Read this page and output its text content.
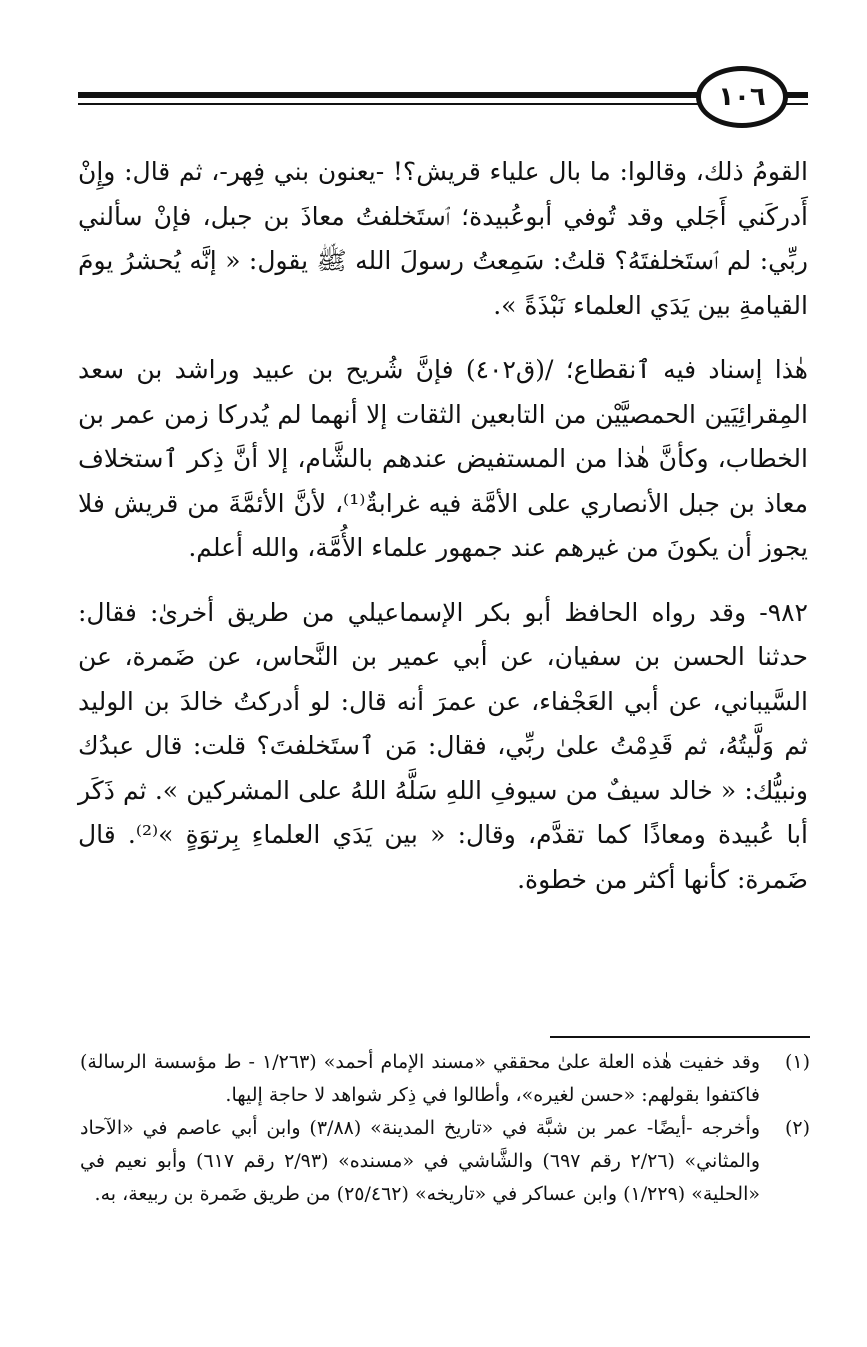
١٠٦

القومُ ذلك، وقالوا: ما بال علياء قريش؟! -يعنون بني فِهر-، ثم قال: وإِنْ أَدركَني أَجَلي وقد تُوفي أبوعُبيدة؛ ٱستَخلفتُ معاذَ بن جبل، فإنْ سألني ربِّي: لم ٱستَخلفتَهُ؟ قلتُ: سَمِعتُ رسولَ الله ﷺ يقول: « إنَّه يُحشرُ يومَ القيامةِ بين يَدَي العلماء نَبْذَةً ».

هٰذا إسناد فيه ٱنقطاع؛ /(ق٤٠٢) فإنَّ شُريح بن عبيد وراشد بن سعد المِقرائِيَين الحمصيَّيْن من التابعين الثقات إلا أنهما لم يُدركا زمن عمر بن الخطاب، وكأنَّ هٰذا من المستفيض عندهم بالشَّام، إلا أنَّ ذِكر ٱستخلاف معاذ بن جبل الأنصاري على الأمَّة فيه غرابةٌ⁽¹⁾، لأنَّ الأئمَّةَ من قريش فلا يجوز أن يكونَ من غيرهم عند جمهور علماء الأُمَّة، والله أعلم.

٩٨٢- وقد رواه الحافظ أبو بكر الإسماعيلي من طريق أخرىٰ: فقال: حدثنا الحسن بن سفيان، عن أبي عمير بن النَّحاس، عن ضَمرة، عن السَّيباني، عن أبي العَجْفاء، عن عمرَ أنه قال: لو أدركتُ خالدَ بن الوليد ثم وَلَّيتُهُ، ثم قَدِمْتُ علىٰ ربِّي، فقال: مَن ٱستَخلفتَ؟ قلت: قال عبدُك ونبيُّك: « خالد سيفٌ من سيوفِ اللهِ سَلَّهُ اللهُ على المشركين ». ثم ذَكَر أبا عُبيدة ومعاذًا كما تقدَّم، وقال: « بين يَدَي العلماءِ بِرتوَةٍ »⁽²⁾. قال ضَمرة: كأنها أكثر من خطوة.

(١)
وقد خفيت هٰذه العلة علىٰ محققي «مسند الإمام أحمد» (١/٢٦٣ - ط مؤسسة الرسالة) فاكتفوا بقولهم: «حسن لغيره»، وأطالوا في ذِكر شواهد لا حاجة إليها.
(٢)
وأخرجه -أيضًا- عمر بن شبَّة في «تاريخ المدينة» (٣/٨٨) وابن أبي عاصم في «الآحاد والمثاني» (٢/٢٦ رقم ٦٩٧) والشَّاشي في «مسنده» (٢/٩٣ رقم ٦١٧) وأبو نعيم في «الحلية» (١/٢٢٩) وابن عساكر في «تاريخه» (٢٥/٤٦٢) من طريق ضَمرة بن ربيعة، به.
